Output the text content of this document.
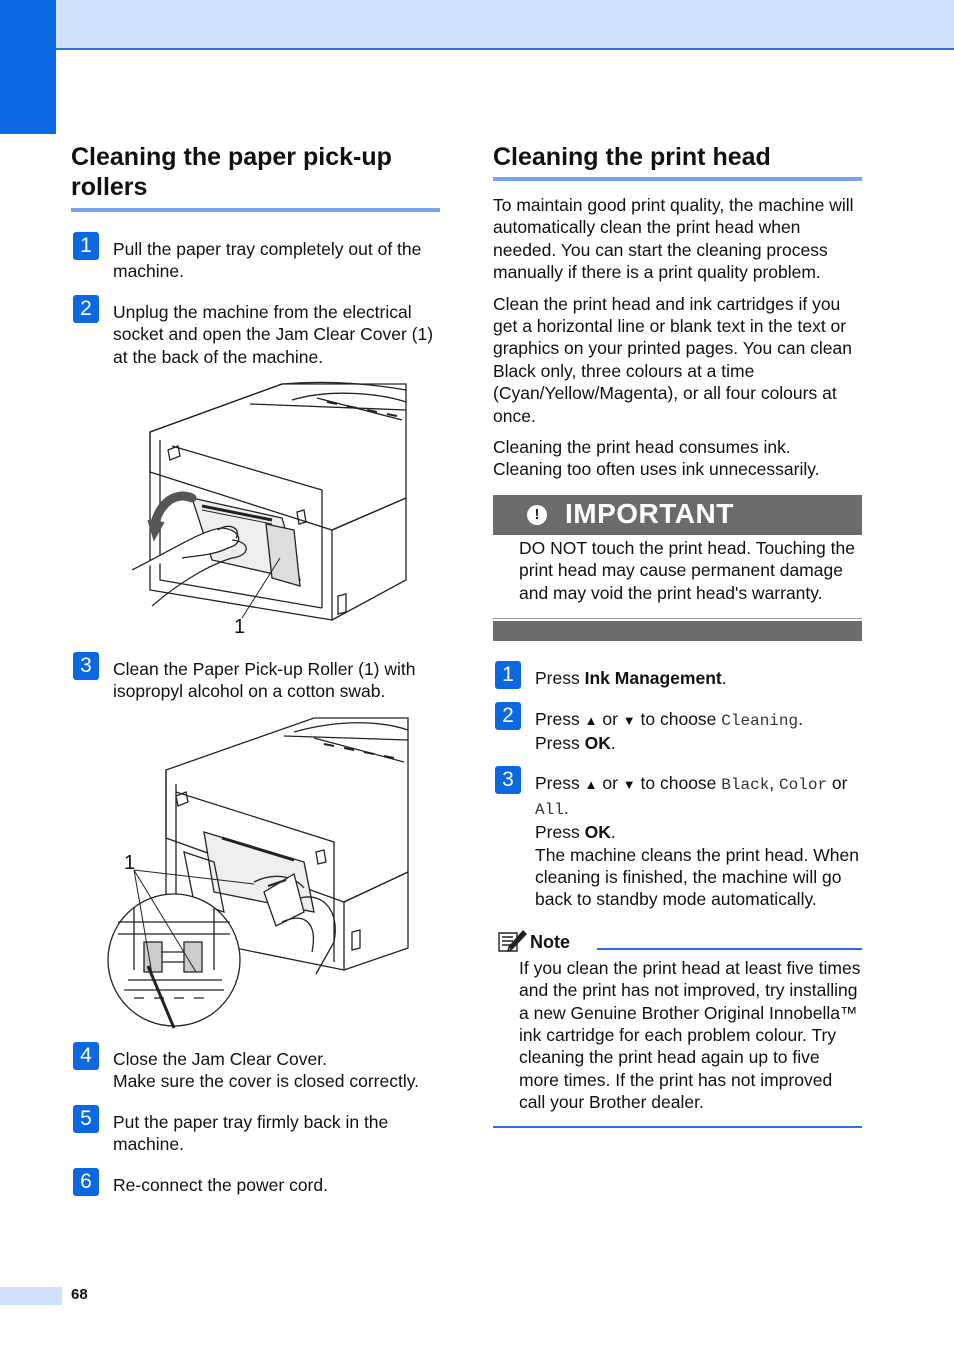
Cleaning the paper pick-up rollers
1	Pull the paper tray completely out of the machine.
2	Unplug the machine from the electrical socket and open the Jam Clear Cover (1) at the back of the machine.
1
3	Clean the Paper Pick-up Roller (1) with isopropyl alcohol on a cotton swab.
1
4	Close the Jam Clear Cover.
Make sure the cover is closed correctly.
5	Put the paper tray firmly back in the machine.
6	Re-connect the power cord.
Cleaning the print head

To maintain good print quality, the machine will automatically clean the print head when needed. You can start the cleaning process manually if there is a print quality problem.

Clean the print head and ink cartridges if you get a horizontal line or blank text in the text or graphics on your printed pages. You can clean Black only, three colours at a time (Cyan/Yellow/Magenta), or all four colours at once.

Cleaning the print head consumes ink. Cleaning too often uses ink unnecessarily.

! IMPORTANT
DO NOT touch the print head. Touching the print head may cause permanent damage and may void the print head's warranty.
1	Press Ink Management.
2	Press ▲ or ▼ to choose Cleaning.
Press OK.
3	Press ▲ or ▼ to choose Black, Color or All.
Press OK.
The machine cleans the print head. When cleaning is finished, the machine will go back to standby mode automatically.
Note
If you clean the print head at least five times and the print has not improved, try installing a new Genuine Brother Original Innobella™ ink cartridge for each problem colour. Try cleaning the print head again up to five more times. If the print has not improved call your Brother dealer.
68
